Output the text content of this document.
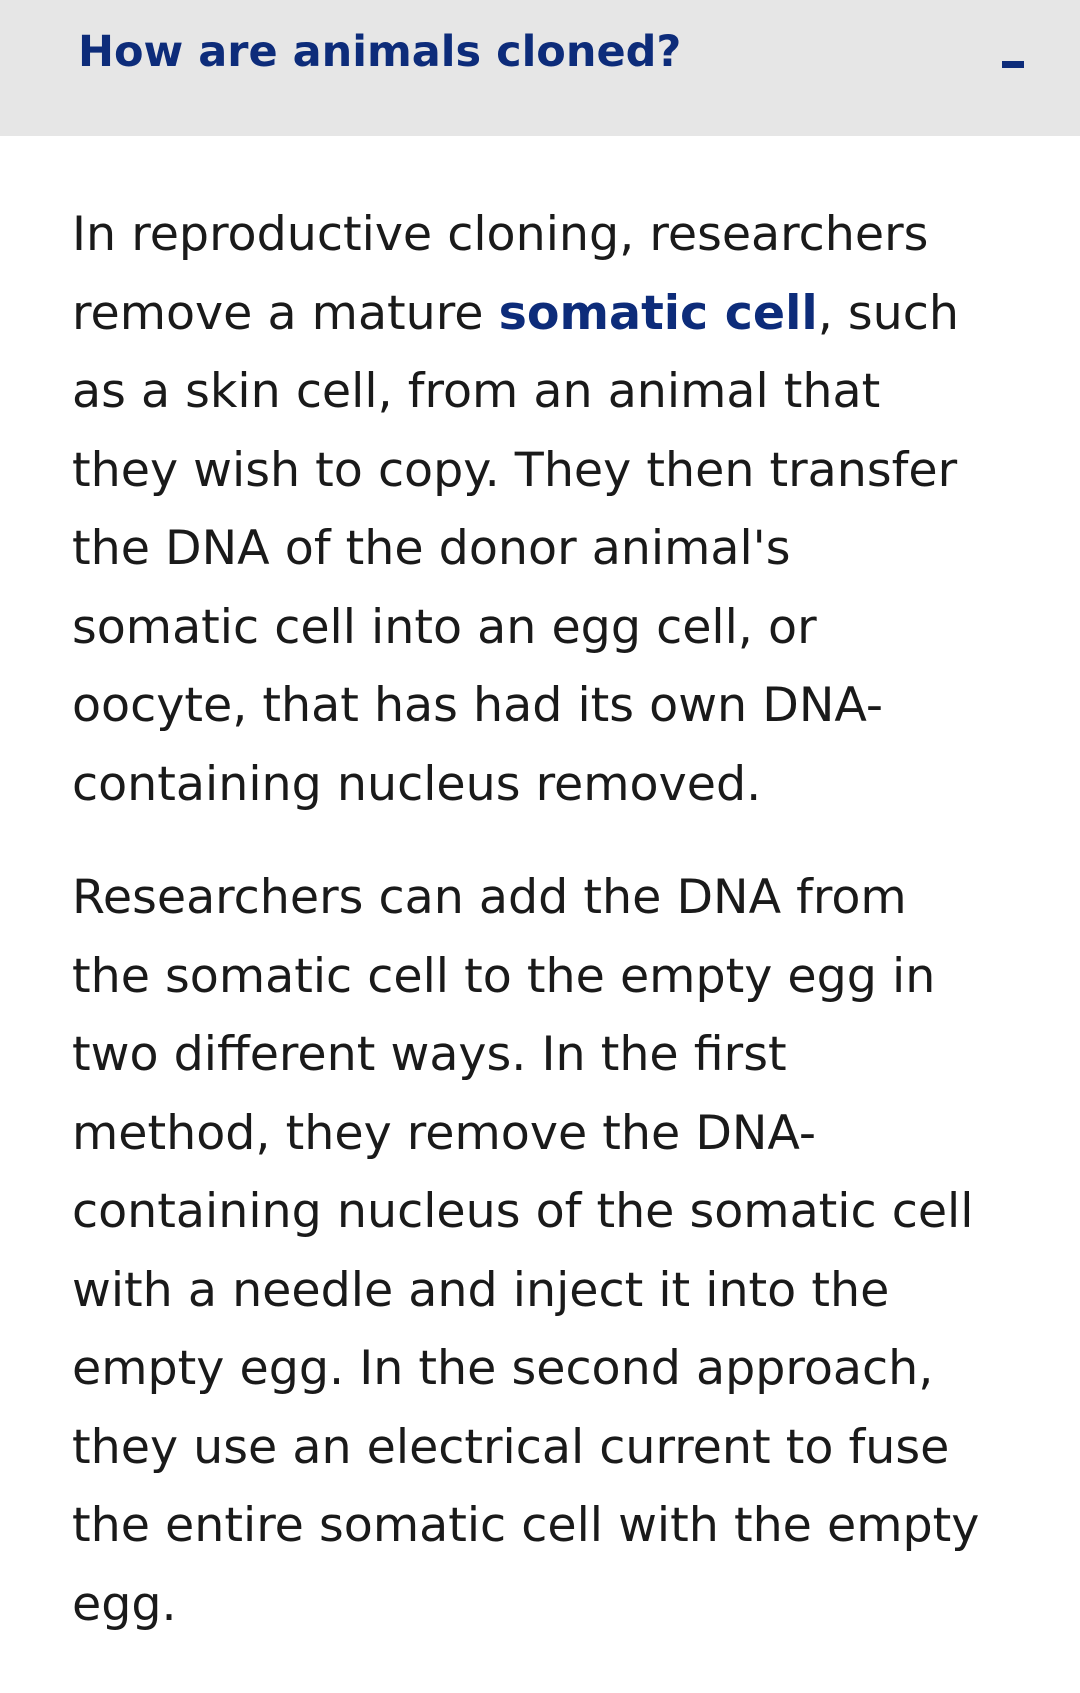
How are animals cloned?

In reproductive cloning, researchers
remove a mature somatic cell, such
as a skin cell, from an animal that
they wish to copy. They then transfer
the DNA of the donor animal's
somatic cell into an egg cell, or
oocyte, that has had its own DNA-
containing nucleus removed.

Researchers can add the DNA from
the somatic cell to the empty egg in
two different ways. In the first
method, they remove the DNA-
containing nucleus of the somatic cell
with a needle and inject it into the
empty egg. In the second approach,
they use an electrical current to fuse
the entire somatic cell with the empty
egg.
